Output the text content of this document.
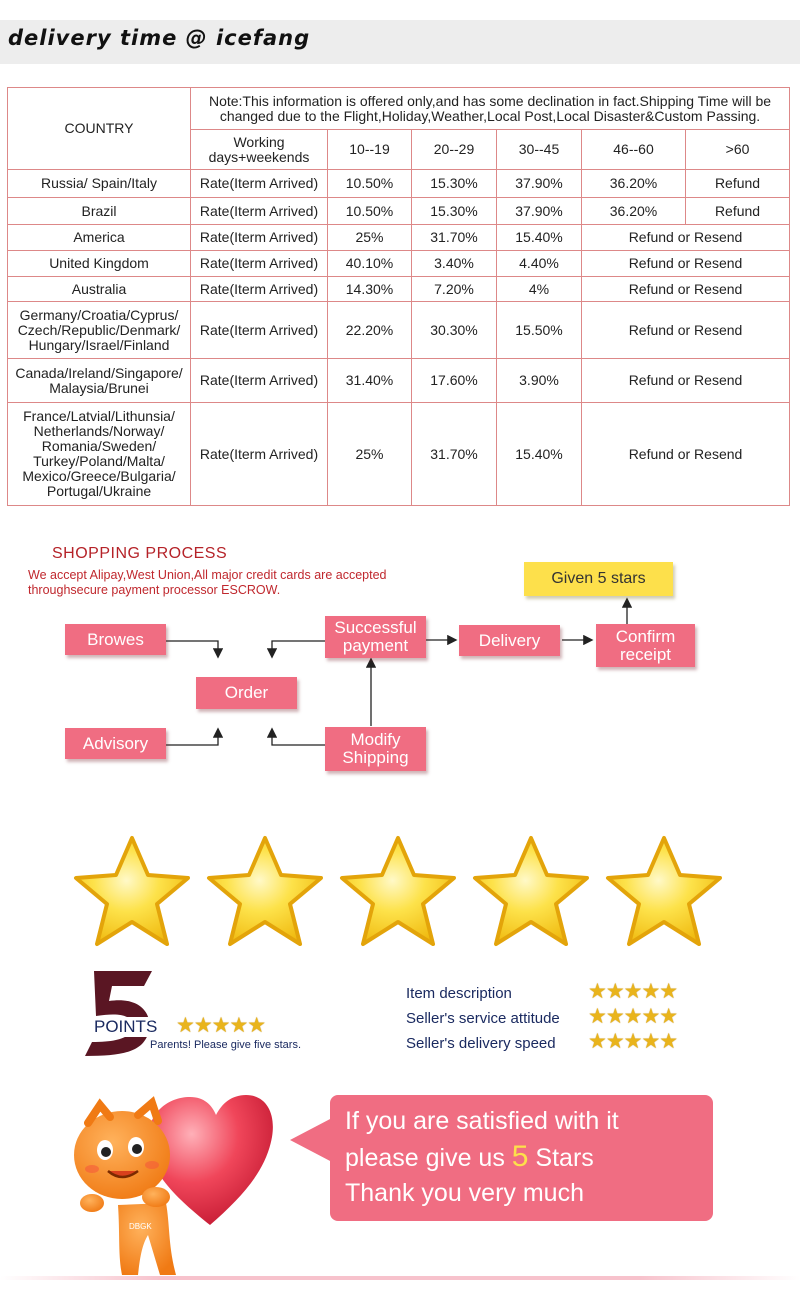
delivery time @ icefang
COUNTRY	Note:This information is offered only,and has some declination in fact.Shipping Time will be changed due to the Flight,Holiday,Weather,Local Post,Local Disaster&Custom Passing.					
	Working days+weekends	10--19	20--29	30--45	46--60	>60
Russia/ Spain/Italy	Rate(Iterm Arrived)	10.50%	15.30%	37.90%	36.20%	Refund
Brazil	Rate(Iterm Arrived)	10.50%	15.30%	37.90%	36.20%	Refund
America	Rate(Iterm Arrived)	25%	31.70%	15.40%	Refund or Resend	
United Kingdom	Rate(Iterm Arrived)	40.10%	3.40%	4.40%	Refund or Resend	
Australia	Rate(Iterm Arrived)	14.30%	7.20%	4%	Refund or Resend	
Germany/Croatia/Cyprus/ Czech/Republic/Denmark/ Hungary/Israel/Finland	Rate(Iterm Arrived)	22.20%	30.30%	15.50%	Refund or Resend	
Canada/Ireland/Singapore/ Malaysia/Brunei	Rate(Iterm Arrived)	31.40%	17.60%	3.90%	Refund or Resend	
France/Latvial/Lithunsia/ Netherlands/Norway/ Romania/Sweden/ Turkey/Poland/Malta/ Mexico/Greece/Bulgaria/ Portugal/Ukraine	Rate(Iterm Arrived)	25%	31.70%	15.40%	Refund or Resend	
SHOPPING PROCESS
We accept Alipay,West Union,All major credit cards are accepted throughsecure payment processor ESCROW.
Browes
Advisory
Order
Successful payment
Modify Shipping
Delivery	Confirm receipt
Given 5 stars
POINTS ★★★★★
Parents! Please give five stars.
Item description
Seller's service attitude
Seller's delivery speed
★★★★★
★★★★★
★★★★★
DBGK
If you are satisfied with it
please give us 5 Stars
Thank you very much
